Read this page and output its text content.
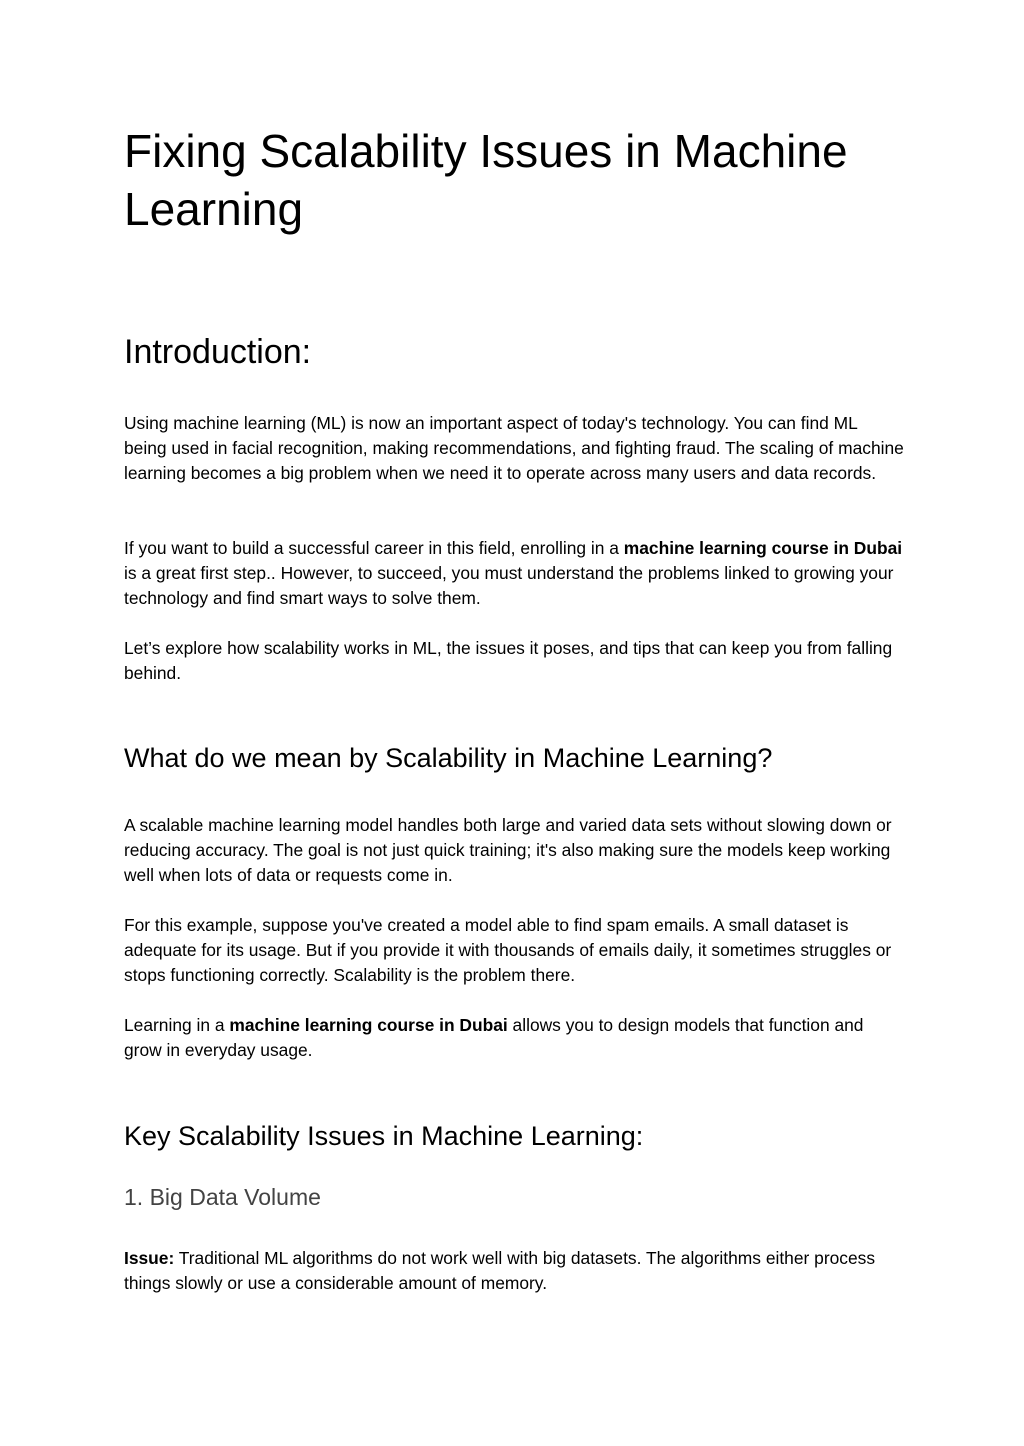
Fixing Scalability Issues in Machine Learning
Introduction:

Using machine learning (ML) is now an important aspect of today's technology. You can find ML being used in facial recognition, making recommendations, and fighting fraud. The scaling of machine learning becomes a big problem when we need it to operate across many users and data records.

If you want to build a successful career in this field, enrolling in a machine learning course in Dubai is a great first step.. However, to succeed, you must understand the problems linked to growing your technology and find smart ways to solve them.

Let’s explore how scalability works in ML, the issues it poses, and tips that can keep you from falling behind.

What do we mean by Scalability in Machine Learning?

A scalable machine learning model handles both large and varied data sets without slowing down or reducing accuracy. The goal is not just quick training; it's also making sure the models keep working well when lots of data or requests come in.

For this example, suppose you've created a model able to find spam emails. A small dataset is adequate for its usage. But if you provide it with thousands of emails daily, it sometimes struggles or stops functioning correctly. Scalability is the problem there.

Learning in a machine learning course in Dubai allows you to design models that function and grow in everyday usage.

Key Scalability Issues in Machine Learning:
1. Big Data Volume

Issue: Traditional ML algorithms do not work well with big datasets. The algorithms either process things slowly or use a considerable amount of memory.
